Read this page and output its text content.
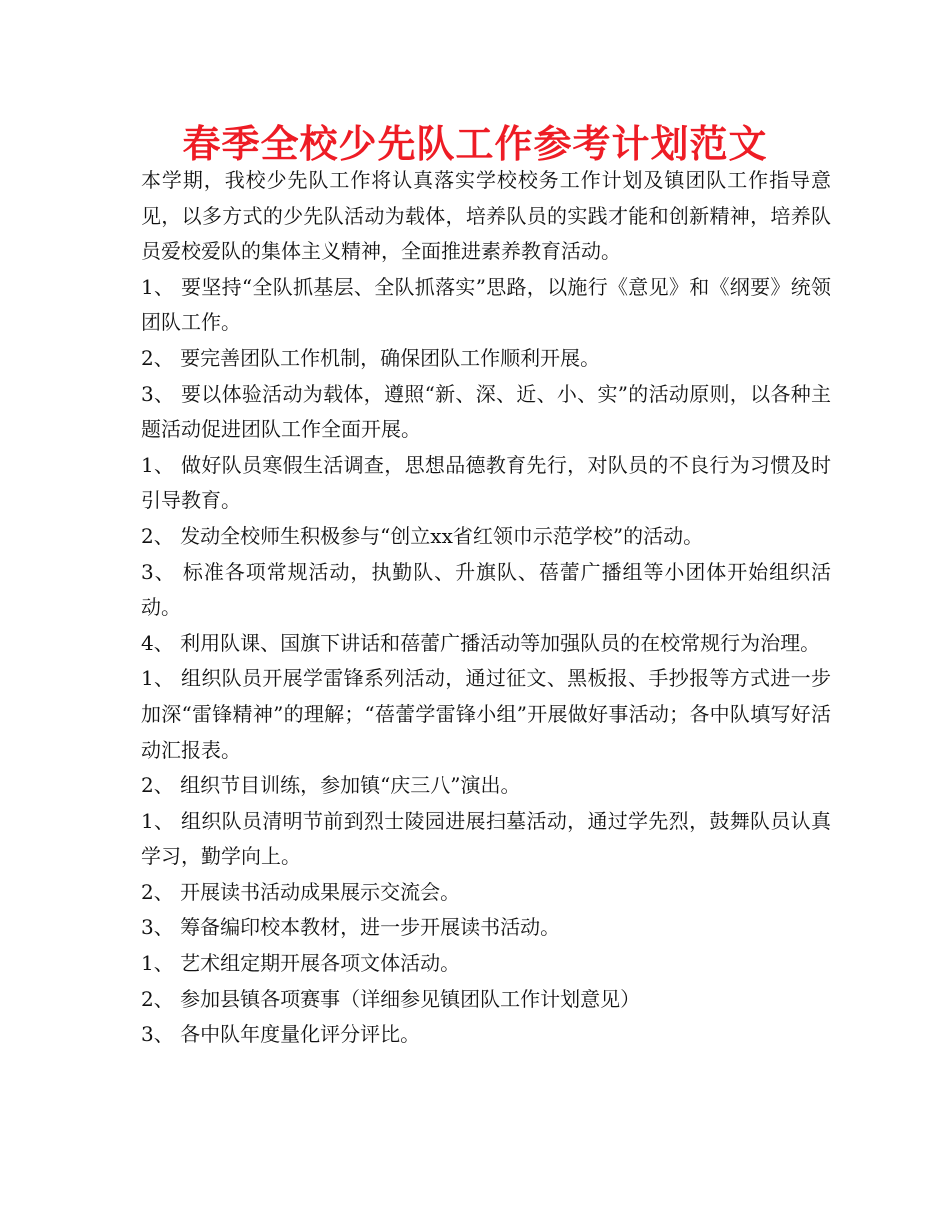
春季全校少先队工作参考计划范文

本学期，我校少先队工作将认真落实学校校务工作计划及镇团队工作指导意见，以多方式的少先队活动为载体，培养队员的实践才能和创新精神，培养队员爱校爱队的集体主义精神，全面推进素养教育活动。

1、 要坚持“全队抓基层、全队抓落实”思路，以施行《意见》和《纲要》统领团队工作。

2、 要完善团队工作机制，确保团队工作顺利开展。

3、 要以体验活动为载体，遵照“新、深、近、小、实”的活动原则，以各种主题活动促进团队工作全面开展。

1、 做好队员寒假生活调查，思想品德教育先行，对队员的不良行为习惯及时引导教育。

2、 发动全校师生积极参与“创立xx省红领巾示范学校”的活动。

3、 标准各项常规活动，执勤队、升旗队、蓓蕾广播组等小团体开始组织活动。

4、 利用队课、国旗下讲话和蓓蕾广播活动等加强队员的在校常规行为治理。

1、 组织队员开展学雷锋系列活动，通过征文、黑板报、手抄报等方式进一步加深“雷锋精神”的理解；“蓓蕾学雷锋小组”开展做好事活动；各中队填写好活动汇报表。

2、 组织节目训练，参加镇“庆三八”演出。

1、 组织队员清明节前到烈士陵园进展扫墓活动，通过学先烈，鼓舞队员认真学习，勤学向上。

2、 开展读书活动成果展示交流会。

3、 筹备编印校本教材，进一步开展读书活动。

1、 艺术组定期开展各项文体活动。

2、 参加县镇各项赛事（详细参见镇团队工作计划意见）

3、 各中队年度量化评分评比。
